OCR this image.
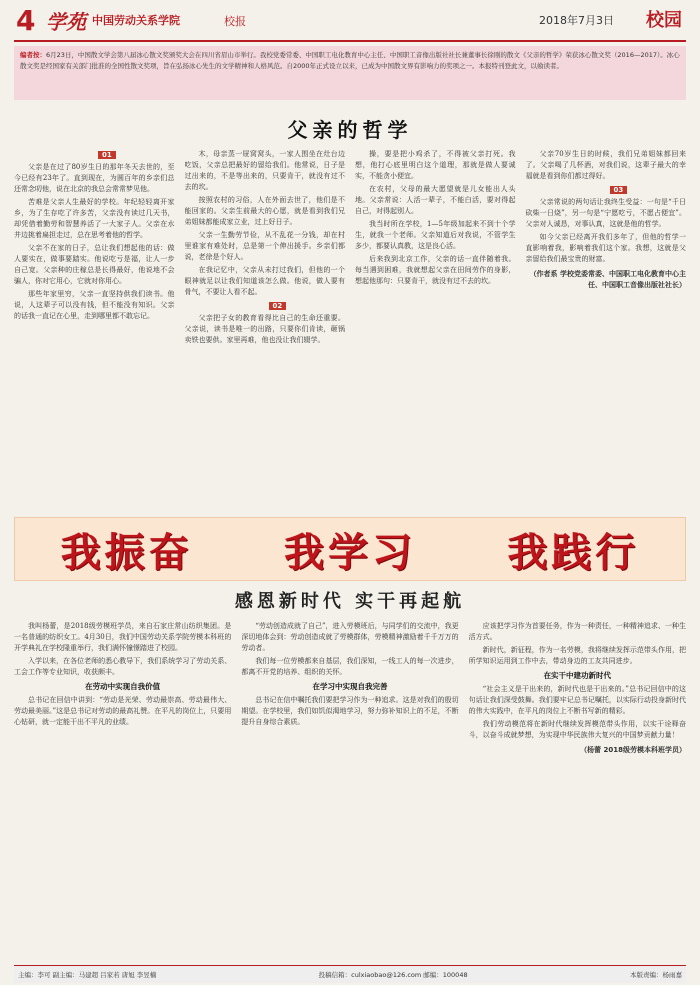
4 学苑 中国劳动关系学院	校报	2018年7月3日 校园
编者按：6月23日，中国散文学会第八届冰心散文奖颁奖大会在四川省眉山市举行。我校党委常委、中国职工电化教育中心主任、中国职工音像出版社社长兼董事长徐刚的散文《父亲的哲学》荣获冰心散文奖（2016—2017）。冰心散文奖是经国家有关部门批准的全国性散文奖项，旨在弘扬冰心先生的文学精神和人格风范。自2000年正式设立以来，已成为中国散文界有影响力的奖项之一。本报特刊登此文，以飨读者。
父亲的哲学
01

父亲是在过了80岁生日的那年冬天去世的，至今已经有23年了。直到现在，为圆百年的乡亲们总还常念叨他，说在北京的我总会常常梦见他。

苦难是父亲人生最好的学校。年纪轻轻离开家乡，为了生存吃了许多苦，父亲没有读过几天书，却凭借着勤劳和智慧养活了一大家子人。父亲在水井边挑着扁担走过，总在思考着他的哲学。

父亲不在家的日子，总让我们想起他的话：做人要实在，做事要踏实。他说吃亏是福，让人一步自己宽。父亲种的庄稼总是长得最好，他说地不会骗人，你对它用心，它就对你用心。

那些年家里穷，父亲一直坚持供我们读书。他说，人这辈子可以没有钱，但不能没有知识。父亲的话我一直记在心里，走到哪里都不敢忘记。

木，母亲蒸一屉窝窝头，一家人围坐在灶台边吃饭，父亲总把最好的留给我们。他常说，日子是过出来的，不是等出来的，只要肯干，就没有过不去的坎。

按照农村的习俗，人在外面去世了，他们是不能回家的。父亲生前最大的心愿，就是看到我们兄弟姐妹都能成家立业，过上好日子。

父亲一生勤劳节俭，从不乱花一分钱，却在村里谁家有难处时，总是第一个伸出援手。乡亲们都说，老徐是个好人。

在我记忆中，父亲从未打过我们，但他的一个眼神就足以让我们知道该怎么做。他说，做人要有骨气，不要让人看不起。

02

父亲把子女的教育看得比自己的生命还重要。父亲说，读书是唯一的出路，只要你们肯读，砸锅卖铁也要供。家里再难，他也没让我们辍学。

操，要是把小鸡杀了，不得被父亲打死。我想，他打心底里明白这个道理，那就是做人要诚实，不能贪小便宜。

在农村，父母的最大愿望就是儿女能出人头地。父亲常说：人活一辈子，不能白活，要对得起自己，对得起别人。

我当时所在学校，1—5年级加起来不到十个学生，就我一个老师。父亲知道后对我说，不管学生多少，都要认真教，这是良心活。

后来我到北京工作，父亲的话一直伴随着我。每当遇到困难，我就想起父亲在田间劳作的身影，想起他那句：只要肯干，就没有过不去的坎。

父亲70岁生日的时候，我们兄弟姐妹都回来了。父亲喝了几杯酒，对我们说，这辈子最大的幸福就是看到你们都过得好。

03

父亲常说的两句话让我终生受益：一句是“千日砍柴一日烧”，另一句是“宁愿吃亏，不愿占便宜”。父亲对人诚恳，对事认真，这就是他的哲学。

如今父亲已经离开我们多年了，但他的哲学一直影响着我，影响着我们这个家。我想，这就是父亲留给我们最宝贵的财富。

（作者系 学校党委常委、中国职工电化教育中心主任、中国职工音像出版社社长）
我振奋 我学习 我践行
感恩新时代 实干再起航

我叫杨蕾，是2018级劳模班学员，来自石家庄常山纺织集团。是一名普通的纺织女工。4月30日，我们中国劳动关系学院劳模本科班的开学典礼在学校隆重举行，我们满怀憧憬踏进了校园。

入学以来，在各位老师的悉心教导下，我们系统学习了劳动关系、工会工作等专业知识，收获颇丰。

在劳动中实现自我价值

总书记在回信中讲到：“劳动是光荣、劳动最崇高、劳动最伟大、劳动最美丽。”这是总书记对劳动的最高礼赞。在平凡的岗位上，只要用心钻研，就一定能干出不平凡的业绩。

“劳动创造成就了自己”，进入劳模班后，与同学们的交流中，我更深切地体会到：劳动创造成就了劳模群体，劳模精神激励着千千万万的劳动者。

我们每一位劳模都来自基层，我们深知，一线工人的每一次进步，都离不开党的培养、组织的关怀。

在学习中实现自我完善

总书记在信中嘱托我们要把学习作为一种追求。这是对我们的殷切期望。在学校里，我们如饥似渴地学习，努力弥补知识上的不足，不断提升自身综合素质。

应该把学习作为首要任务，作为一种责任，一种精神追求、一种生活方式。

新时代，新征程，作为一名劳模，我将继续发挥示范带头作用，把所学知识运用到工作中去，带动身边的工友共同进步。

在实干中建功新时代

“社会主义是干出来的，新时代也是干出来的。”总书记回信中的这句话让我们深受鼓舞。我们要牢记总书记嘱托，以实际行动投身新时代的伟大实践中，在平凡的岗位上不断书写新的精彩。

我们劳动模范将在新时代继续发挥模范带头作用，以实干诠释奋斗，以奋斗成就梦想，为实现中华民族伟大复兴的中国梦贡献力量！

（杨蕾 2018级劳模本科班学员）
主编：李可 副主编：马建超 吕家若 唐旭 李昱楠	投稿信箱：culxiaobao@126.com 邮编：100048	本版责编：杨雨嘉
